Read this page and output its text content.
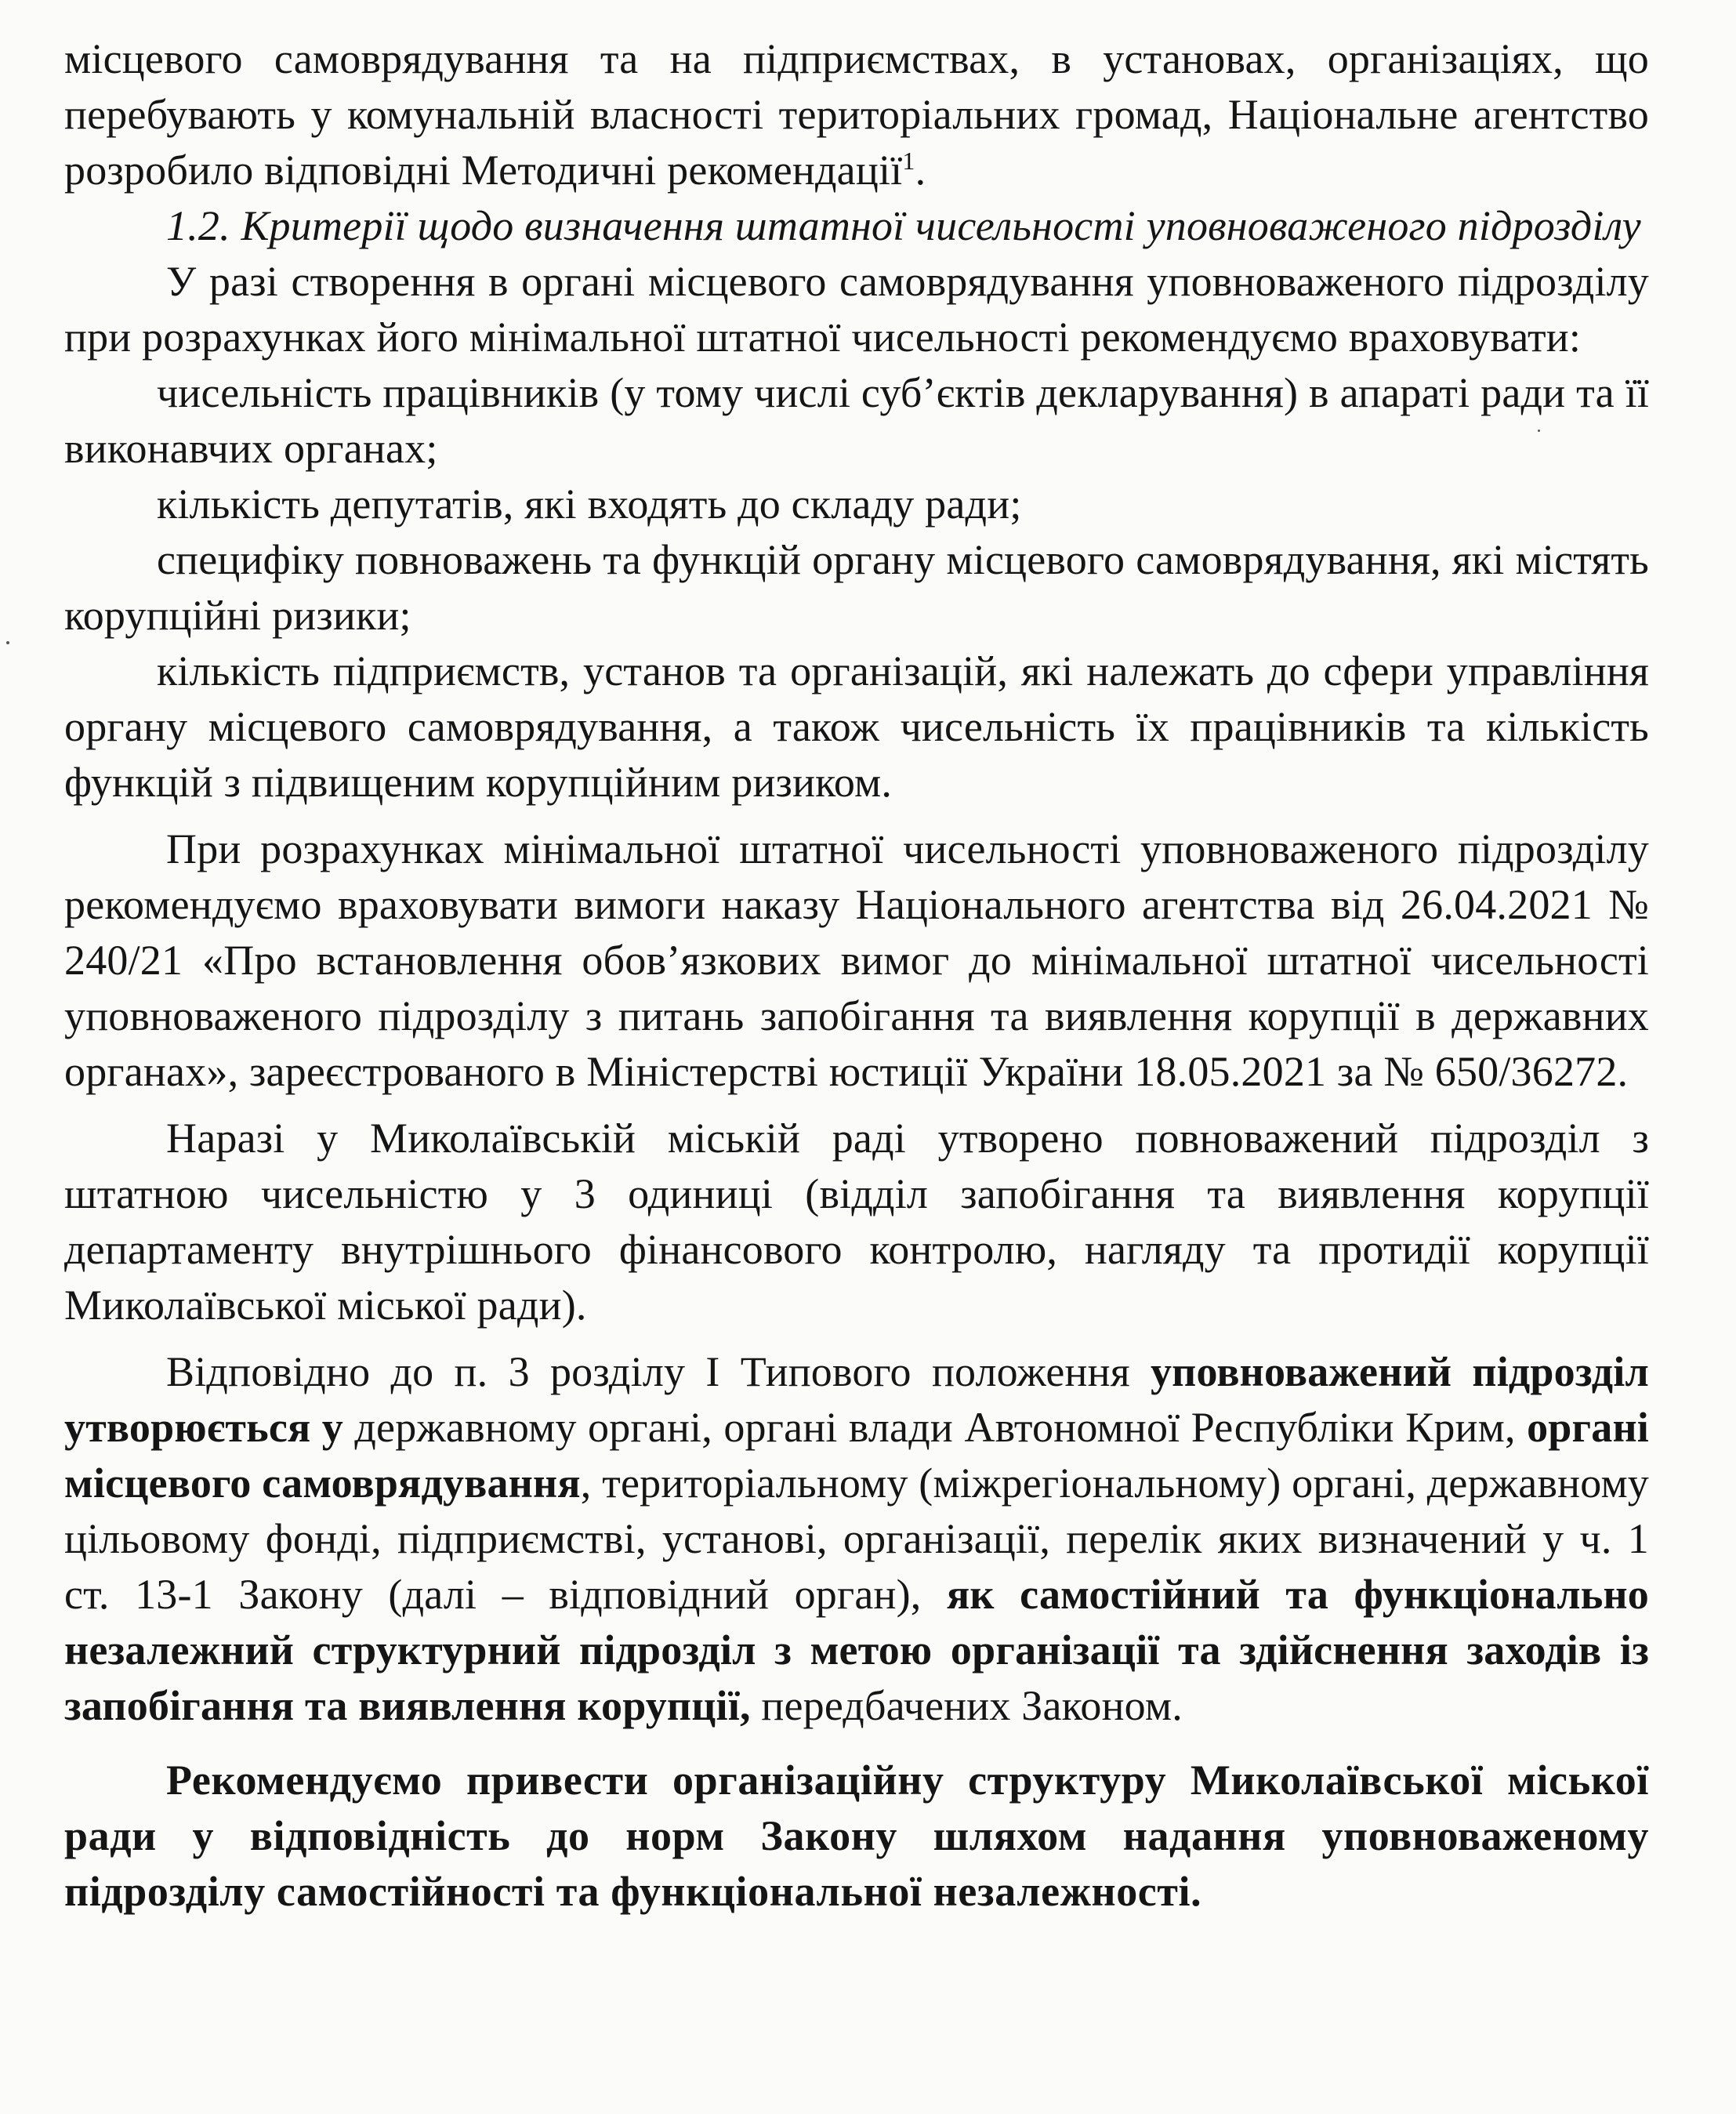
місцевого самоврядування та на підприємствах, в установах, організаціях, що перебувають у комунальній власності територіальних громад, Національне агентство розробило відповідні Методичні рекомендації$^1$.

1.2. Критерії щодо визначення штатної чисельності уповноваженого підрозділу

У разі створення в органі місцевого самоврядування уповноваженого підрозділу при розрахунках його мінімальної штатної чисельності рекомендуємо враховувати:

чисельність працівників (у тому числі суб’єктів декларування) в апараті ради та її виконавчих органах;

кількість депутатів, які входять до складу ради;

специфіку повноважень та функцій органу місцевого самоврядування, які містять корупційні ризики;

кількість підприємств, установ та організацій, які належать до сфери управління органу місцевого самоврядування, а також чисельність їх працівників та кількість функцій з підвищеним корупційним ризиком.

При розрахунках мінімальної штатної чисельності уповноваженого підрозділу рекомендуємо враховувати вимоги наказу Національного агентства від 26.04.2021 № 240/21 «Про встановлення обов’язкових вимог до мінімальної штатної чисельності уповноваженого підрозділу з питань запобігання та виявлення корупції в державних органах», зареєстрованого в Міністерстві юстиції України 18.05.2021 за № 650/36272.

Наразі у Миколаївській міській раді утворено повноважений підрозділ з штатною чисельністю у 3 одиниці (відділ запобігання та виявлення корупції департаменту внутрішнього фінансового контролю, нагляду та протидії корупції Миколаївської міської ради).

Відповідно до п. 3 розділу І Типового положення уповноважений підрозділ утворюється у державному органі, органі влади Автономної Республіки Крим, органі місцевого самоврядування, територіальному (міжрегіональному) органі, державному цільовому фонді, підприємстві, установі, організації, перелік яких визначений у ч. 1 ст. 13-1 Закону (далі – відповідний орган), як самостійний та функціонально незалежний структурний підрозділ з метою організації та здійснення заходів із запобігання та виявлення корупції, передбачених Законом.

Рекомендуємо привести організаційну структуру Миколаївської міської ради у відповідність до норм Закону шляхом надання уповноваженому підрозділу самостійності та функціональної незалежності.
